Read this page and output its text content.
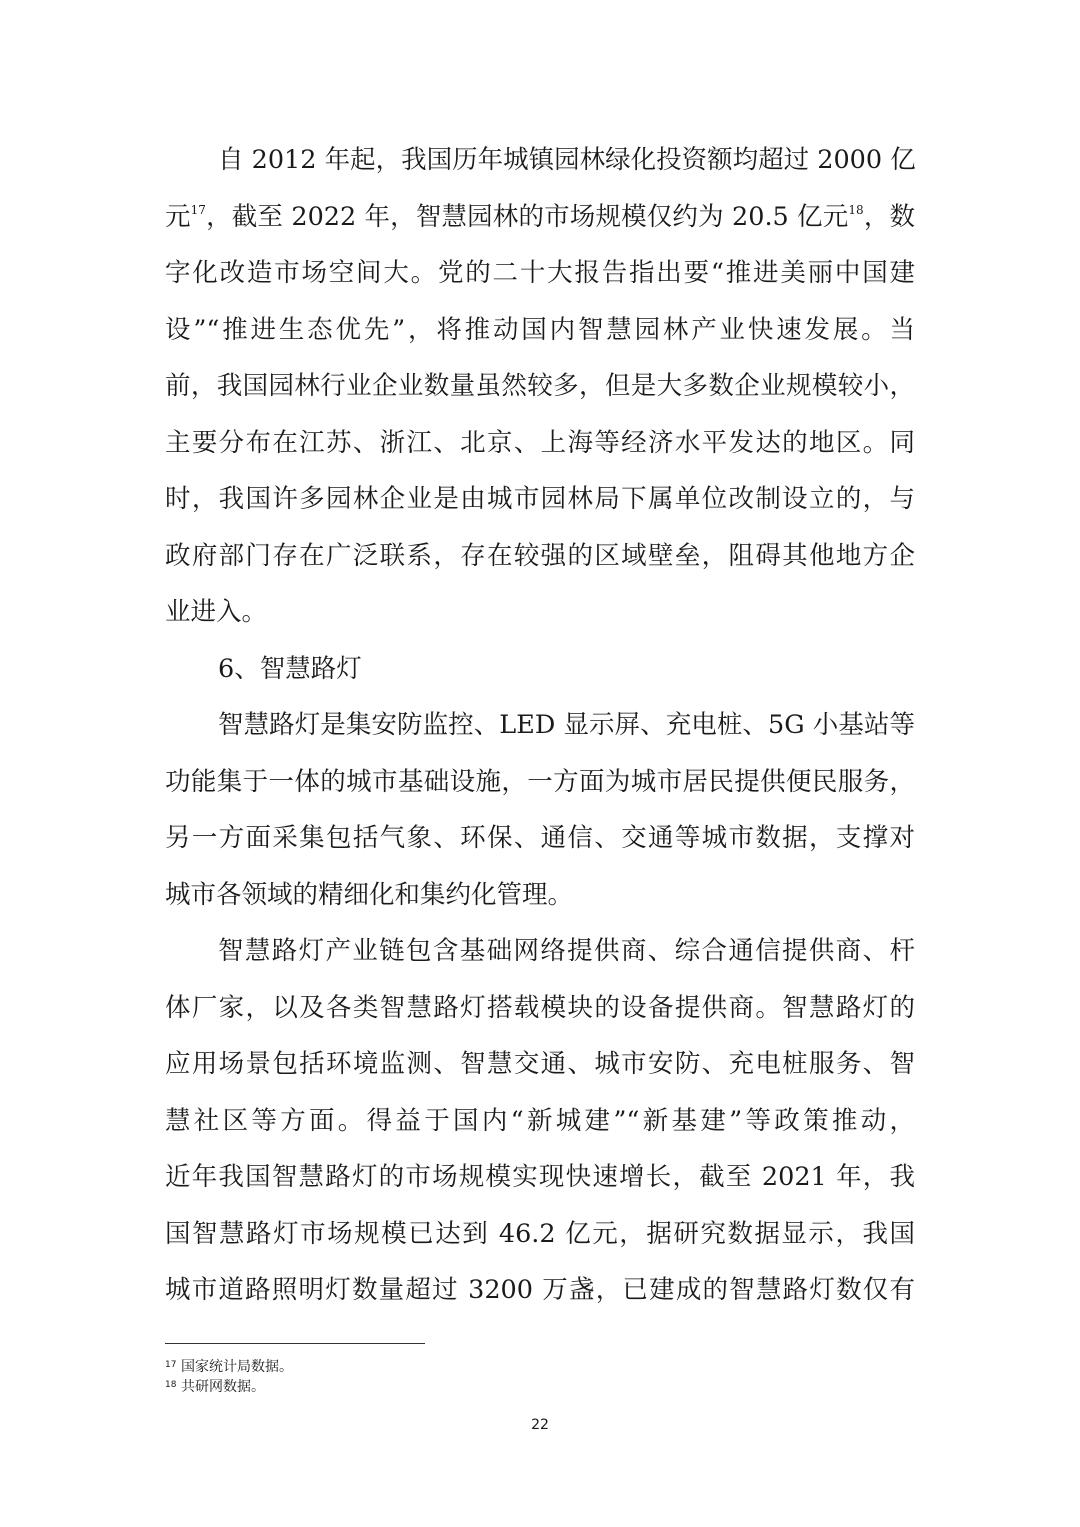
自 2012 年起，我国历年城镇园林绿化投资额均超过 2000 亿
元$^{17}$，截至 2022 年，智慧园林的市场规模仅约为 20.5 亿元$^{18}$，数
字化改造市场空间大。党的二十大报告指出要“推进美丽中国建
设”“推进生态优先”，将推动国内智慧园林产业快速发展。当
前，我国园林行业企业数量虽然较多，但是大多数企业规模较小，
主要分布在江苏、浙江、北京、上海等经济水平发达的地区。同
时，我国许多园林企业是由城市园林局下属单位改制设立的，与
政府部门存在广泛联系，存在较强的区域壁垒，阻碍其他地方企
业进入。
6、智慧路灯
智慧路灯是集安防监控、LED 显示屏、充电桩、5G 小基站等
功能集于一体的城市基础设施，一方面为城市居民提供便民服务，
另一方面采集包括气象、环保、通信、交通等城市数据，支撑对
城市各领域的精细化和集约化管理。
智慧路灯产业链包含基础网络提供商、综合通信提供商、杆
体厂家，以及各类智慧路灯搭载模块的设备提供商。智慧路灯的
应用场景包括环境监测、智慧交通、城市安防、充电桩服务、智
慧社区等方面。得益于国内“新城建”“新基建”等政策推动，
近年我国智慧路灯的市场规模实现快速增长，截至 2021 年，我
国智慧路灯市场规模已达到 46.2 亿元，据研究数据显示，我国
城市道路照明灯数量超过 3200 万盏，已建成的智慧路灯数仅有
17 国家统计局数据。
18 共研网数据。
22
